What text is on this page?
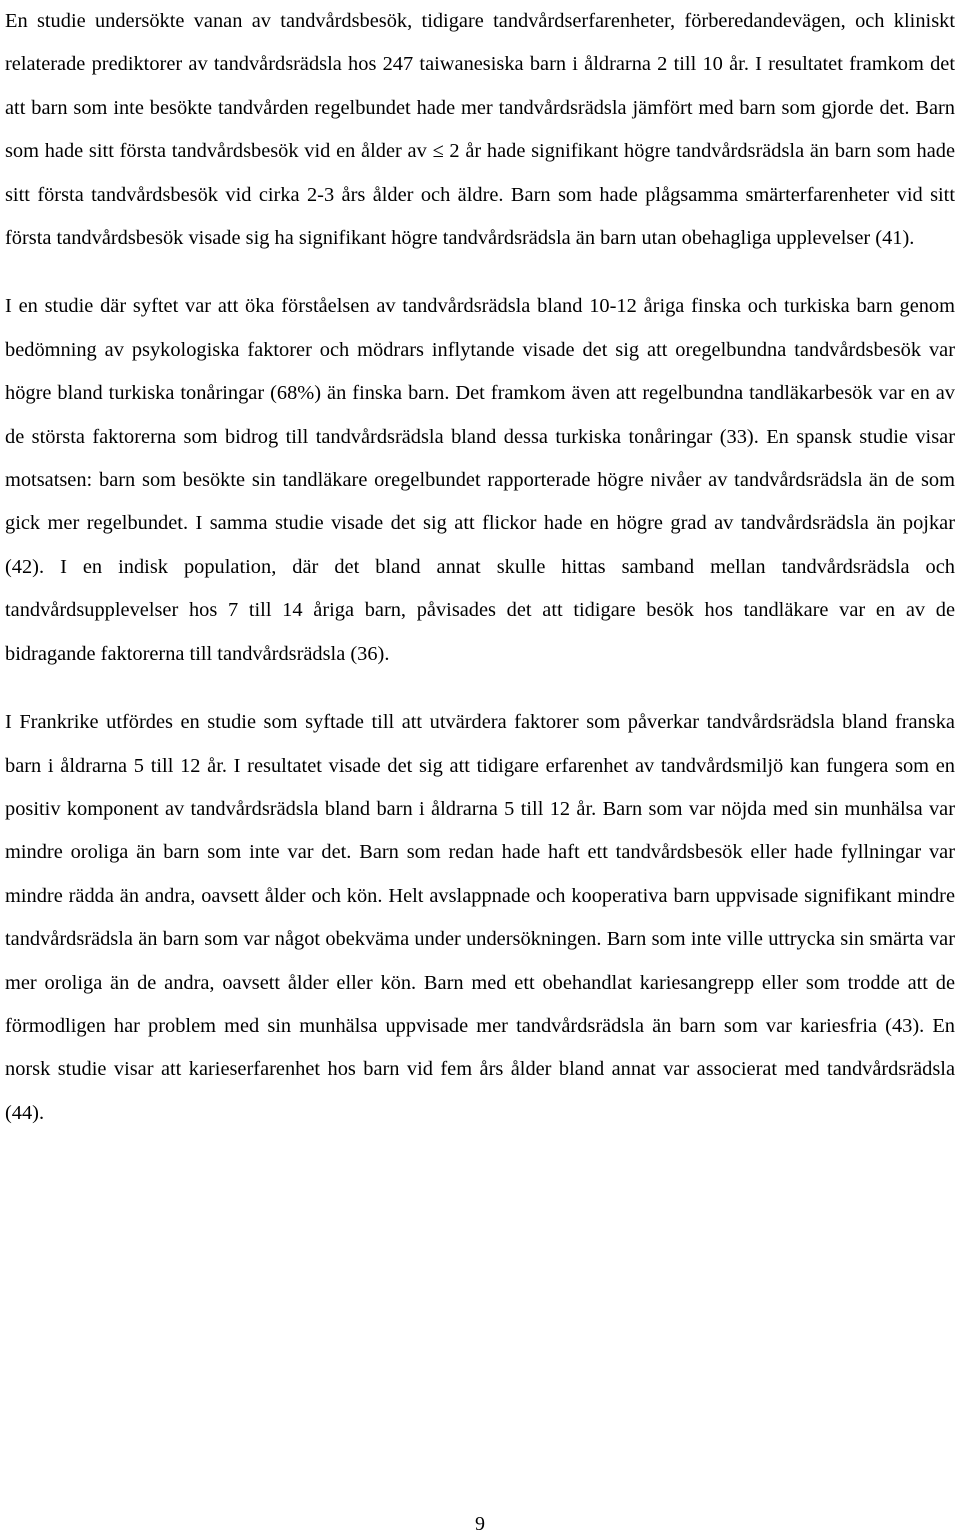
En studie undersökte vanan av tandvårdsbesök, tidigare tandvårdserfarenheter, förberedandevägen, och kliniskt relaterade prediktorer av tandvårdsrädsla hos 247 taiwanesiska barn i åldrarna 2 till 10 år. I resultatet framkom det att barn som inte besökte tandvården regelbundet hade mer tandvårdsrädsla jämfört med barn som gjorde det. Barn som hade sitt första tandvårdsbesök vid en ålder av ≤ 2 år hade signifikant högre tandvårdsrädsla än barn som hade sitt första tandvårdsbesök vid cirka 2-3 års ålder och äldre. Barn som hade plågsamma smärterfarenheter vid sitt första tandvårdsbesök visade sig ha signifikant högre tandvårdsrädsla än barn utan obehagliga upplevelser (41).

I en studie där syftet var att öka förståelsen av tandvårdsrädsla bland 10-12 åriga finska och turkiska barn genom bedömning av psykologiska faktorer och mödrars inflytande visade det sig att oregelbundna tandvårdsbesök var högre bland turkiska tonåringar (68%) än finska barn. Det framkom även att regelbundna tandläkarbesök var en av de största faktorerna som bidrog till tandvårdsrädsla bland dessa turkiska tonåringar (33). En spansk studie visar motsatsen: barn som besökte sin tandläkare oregelbundet rapporterade högre nivåer av tandvårdsrädsla än de som gick mer regelbundet. I samma studie visade det sig att flickor hade en högre grad av tandvårdsrädsla än pojkar (42). I en indisk population, där det bland annat skulle hittas samband mellan tandvårdsrädsla och tandvårdsupplevelser hos 7 till 14 åriga barn, påvisades det att tidigare besök hos tandläkare var en av de bidragande faktorerna till tandvårdsrädsla (36).

I Frankrike utfördes en studie som syftade till att utvärdera faktorer som påverkar tandvårdsrädsla bland franska barn i åldrarna 5 till 12 år. I resultatet visade det sig att tidigare erfarenhet av tandvårdsmiljö kan fungera som en positiv komponent av tandvårdsrädsla bland barn i åldrarna 5 till 12 år. Barn som var nöjda med sin munhälsa var mindre oroliga än barn som inte var det. Barn som redan hade haft ett tandvårdsbesök eller hade fyllningar var mindre rädda än andra, oavsett ålder och kön. Helt avslappnade och kooperativa barn uppvisade signifikant mindre tandvårdsrädsla än barn som var något obekväma under undersökningen. Barn som inte ville uttrycka sin smärta var mer oroliga än de andra, oavsett ålder eller kön. Barn med ett obehandlat kariesangrepp eller som trodde att de förmodligen har problem med sin munhälsa uppvisade mer tandvårdsrädsla än barn som var kariesfria (43). En norsk studie visar att karieserfarenhet hos barn vid fem års ålder bland annat var associerat med tandvårdsrädsla (44).

9
